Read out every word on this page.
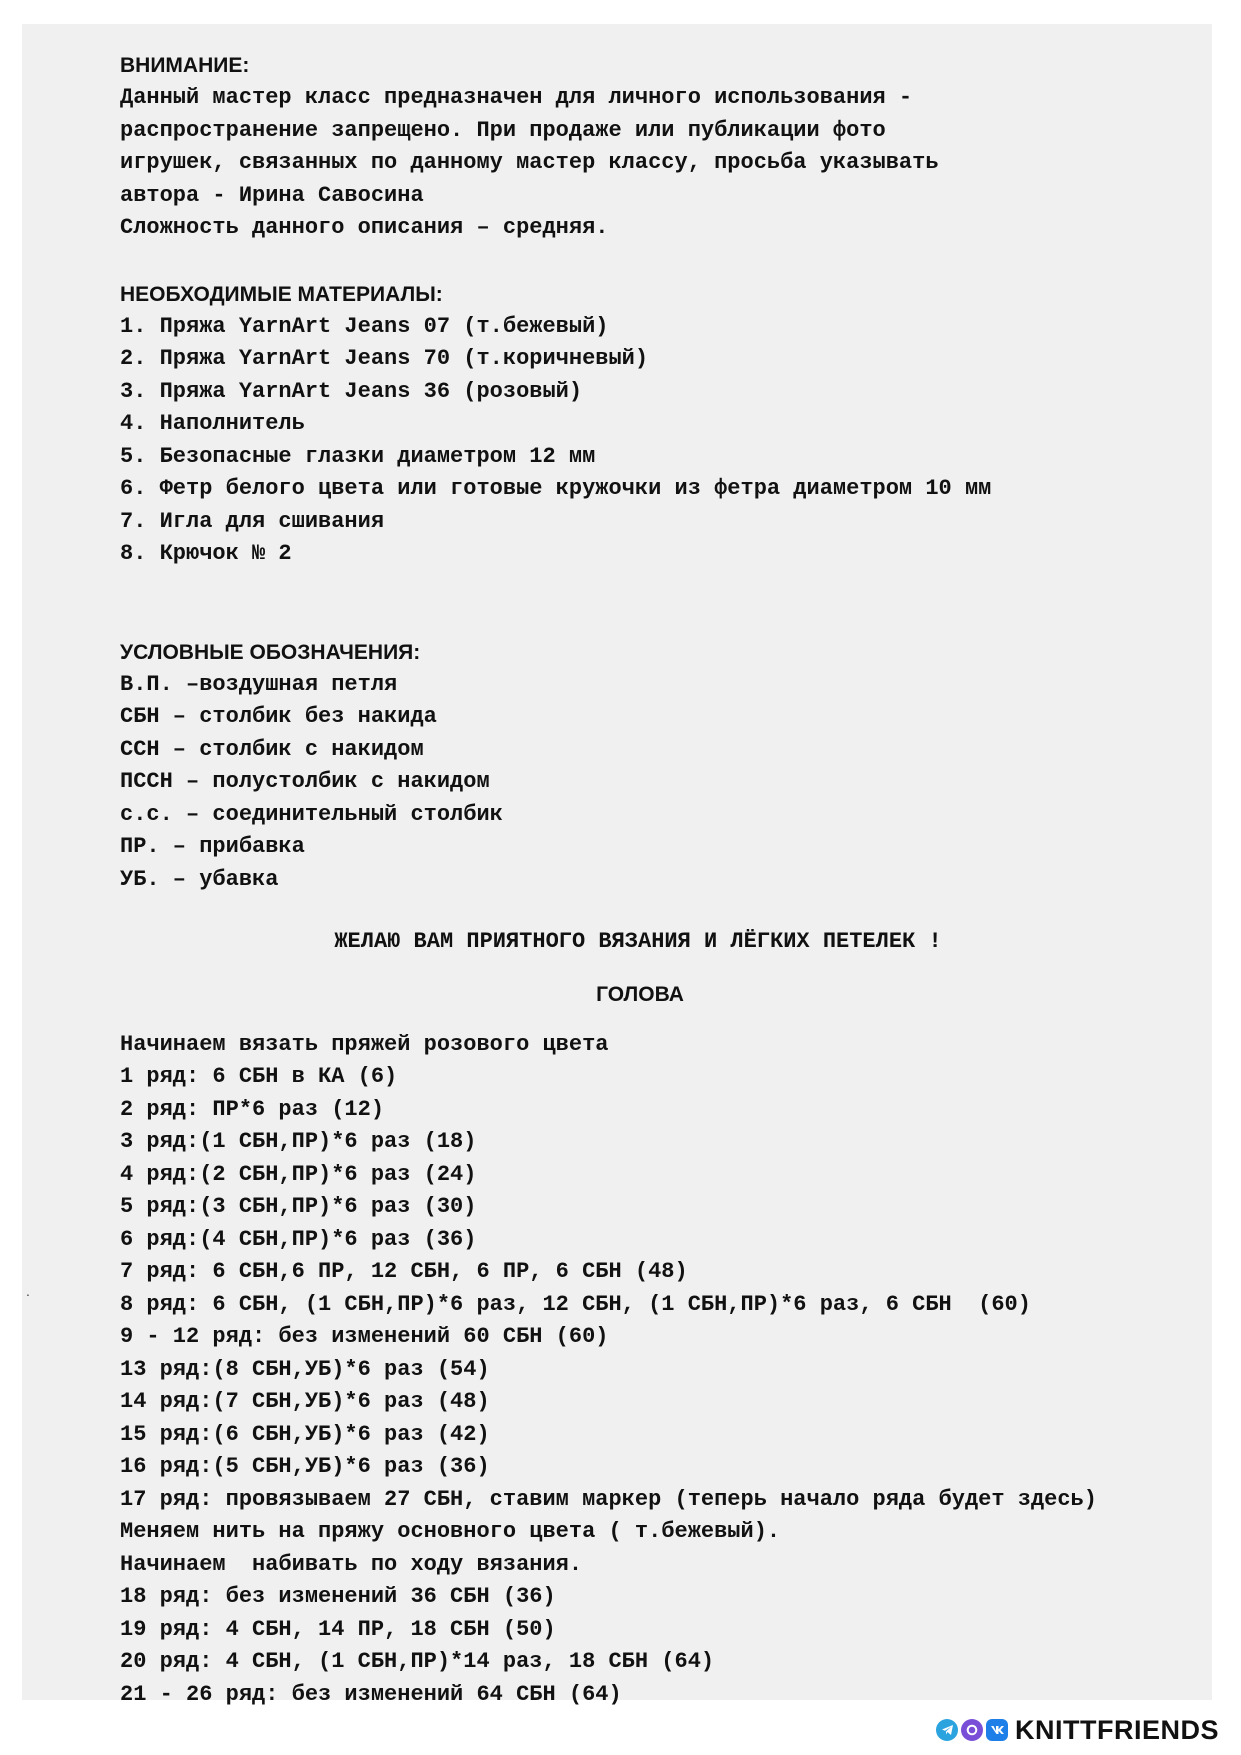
ВНИМАНИЕ:
Данный мастер класс предназначен для личного использования -
распространение запрещено. При продаже или публикации фото
игрушек, связанных по данному мастер классу, просьба указывать
автора - Ирина Савосина
Сложность данного описания – средняя.
НЕОБХОДИМЫЕ МАТЕРИАЛЫ:
1. Пряжа YarnArt Jeans 07 (т.бежевый)
2. Пряжа YarnArt Jeans 70 (т.коричневый)
3. Пряжа YarnArt Jeans 36 (розовый)
4. Наполнитель
5. Безопасные глазки диаметром 12 мм
6. Фетр белого цвета или готовые кружочки из фетра диаметром 10 мм
7. Игла для сшивания
8. Крючок № 2
УСЛОВНЫЕ ОБОЗНАЧЕНИЯ:
В.П. –воздушная петля
СБН – столбик без накида
ССН – столбик с накидом
ПССН – полустолбик с накидом
с.с. – соединительный столбик
ПР. – прибавка
УБ. – убавка
ЖЕЛАЮ ВАМ ПРИЯТНОГО ВЯЗАНИЯ И ЛЁГКИХ ПЕТЕЛЕК !
ГОЛОВА
Начинаем вязать пряжей розового цвета
1 ряд: 6 СБН в КА (6)
2 ряд: ПР*6 раз (12)
3 ряд:(1 СБН,ПР)*6 раз (18)
4 ряд:(2 СБН,ПР)*6 раз (24)
5 ряд:(3 СБН,ПР)*6 раз (30)
6 ряд:(4 СБН,ПР)*6 раз (36)
7 ряд: 6 СБН,6 ПР, 12 СБН, 6 ПР, 6 СБН (48)
8 ряд: 6 СБН, (1 СБН,ПР)*6 раз, 12 СБН, (1 СБН,ПР)*6 раз, 6 СБН  (60)
9 - 12 ряд: без изменений 60 СБН (60)
13 ряд:(8 СБН,УБ)*6 раз (54)
14 ряд:(7 СБН,УБ)*6 раз (48)
15 ряд:(6 СБН,УБ)*6 раз (42)
16 ряд:(5 СБН,УБ)*6 раз (36)
17 ряд: провязываем 27 СБН, ставим маркер (теперь начало ряда будет здесь)
Меняем нить на пряжу основного цвета ( т.бежевый).
Начинаем  набивать по ходу вязания.
18 ряд: без изменений 36 СБН (36)
19 ряд: 4 СБН, 14 ПР, 18 СБН (50)
20 ряд: 4 СБН, (1 СБН,ПР)*14 раз, 18 СБН (64)
21 - 26 ряд: без изменений 64 СБН (64)
.
KNITTFRIENDS
